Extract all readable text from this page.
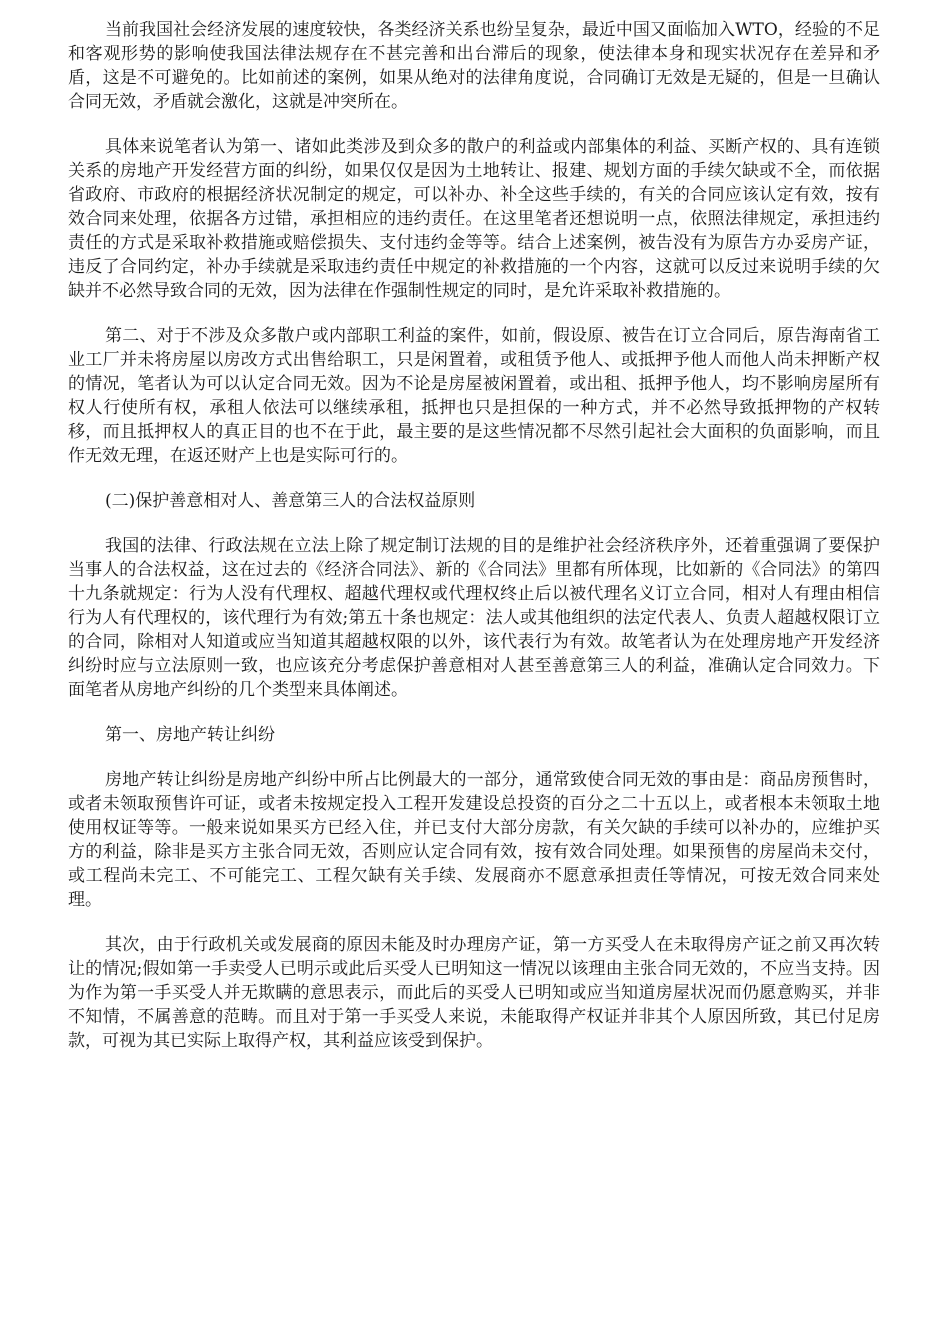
当前我国社会经济发展的速度较快，各类经济关系也纷呈复杂，最近中国又面临加入WTO，经验的不足和客观形势的影响使我国法律法规存在不甚完善和出台滞后的现象，使法律本身和现实状况存在差异和矛盾，这是不可避免的。比如前述的案例，如果从绝对的法律角度说，合同确订无效是无疑的，但是一旦确认合同无效，矛盾就会激化，这就是冲突所在。

具体来说笔者认为第一、诸如此类涉及到众多的散户的利益或内部集体的利益、买断产权的、具有连锁关系的房地产开发经营方面的纠纷，如果仅仅是因为土地转让、报建、规划方面的手续欠缺或不全，而依据省政府、市政府的根据经济状况制定的规定，可以补办、补全这些手续的，有关的合同应该认定有效，按有效合同来处理，依据各方过错，承担相应的违约责任。在这里笔者还想说明一点，依照法律规定，承担违约责任的方式是采取补救措施或赔偿损失、支付违约金等等。结合上述案例，被告没有为原告方办妥房产证，违反了合同约定，补办手续就是采取违约责任中规定的补救措施的一个内容，这就可以反过来说明手续的欠缺并不必然导致合同的无效，因为法律在作强制性规定的同时，是允许采取补救措施的。

第二、对于不涉及众多散户或内部职工利益的案件，如前，假设原、被告在订立合同后，原告海南省工业工厂并未将房屋以房改方式出售给职工，只是闲置着，或租赁予他人、或抵押予他人而他人尚未押断产权的情况，笔者认为可以认定合同无效。因为不论是房屋被闲置着，或出租、抵押予他人，均不影响房屋所有权人行使所有权，承租人依法可以继续承租，抵押也只是担保的一种方式，并不必然导致抵押物的产权转移，而且抵押权人的真正目的也不在于此，最主要的是这些情况都不尽然引起社会大面积的负面影响，而且作无效无理，在返还财产上也是实际可行的。

(二)保护善意相对人、善意第三人的合法权益原则

我国的法律、行政法规在立法上除了规定制订法规的目的是维护社会经济秩序外，还着重强调了要保护当事人的合法权益，这在过去的《经济合同法》、新的《合同法》里都有所体现，比如新的《合同法》的第四十九条就规定：行为人没有代理权、超越代理权或代理权终止后以被代理名义订立合同，相对人有理由相信行为人有代理权的，该代理行为有效;第五十条也规定：法人或其他组织的法定代表人、负责人超越权限订立的合同，除相对人知道或应当知道其超越权限的以外，该代表行为有效。故笔者认为在处理房地产开发经济纠纷时应与立法原则一致，也应该充分考虑保护善意相对人甚至善意第三人的利益，准确认定合同效力。下面笔者从房地产纠纷的几个类型来具体阐述。

第一、房地产转让纠纷

房地产转让纠纷是房地产纠纷中所占比例最大的一部分，通常致使合同无效的事由是：商品房预售时，或者未领取预售许可证，或者未按规定投入工程开发建设总投资的百分之二十五以上，或者根本未领取土地使用权证等等。一般来说如果买方已经入住，并已支付大部分房款，有关欠缺的手续可以补办的，应维护买方的利益，除非是买方主张合同无效，否则应认定合同有效，按有效合同处理。如果预售的房屋尚未交付，或工程尚未完工、不可能完工、工程欠缺有关手续、发展商亦不愿意承担责任等情况，可按无效合同来处理。

其次，由于行政机关或发展商的原因未能及时办理房产证，第一方买受人在未取得房产证之前又再次转让的情况;假如第一手卖受人已明示或此后买受人已明知这一情况以该理由主张合同无效的，不应当支持。因为作为第一手买受人并无欺瞒的意思表示，而此后的买受人已明知或应当知道房屋状况而仍愿意购买，并非不知情，不属善意的范畴。而且对于第一手买受人来说，未能取得产权证并非其个人原因所致，其已付足房款，可视为其已实际上取得产权，其利益应该受到保护。
